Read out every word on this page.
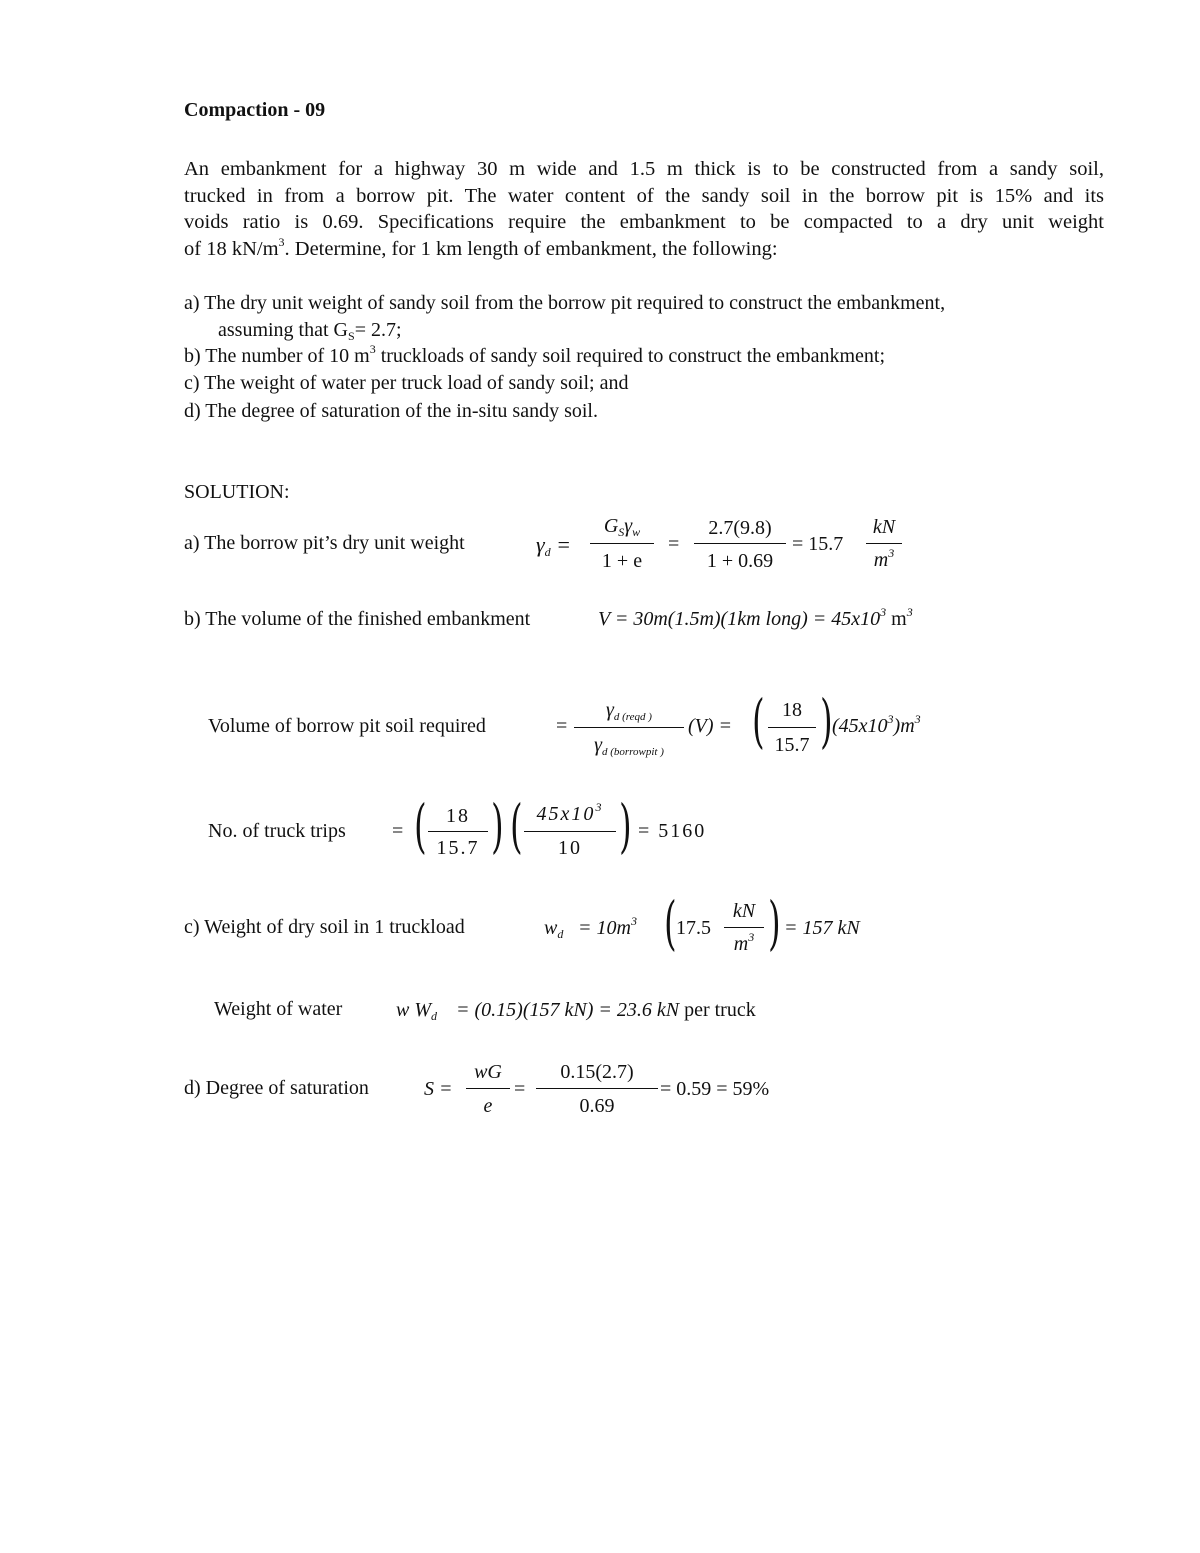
Compaction - 09
An embankment for a highway 30 m wide and 1.5 m thick is to be constructed from a sandy soil,
trucked in from a borrow pit. The water content of the sandy soil in the borrow pit is 15% and its
voids ratio is 0.69. Specifications require the embankment to be compacted to a dry unit weight
of 18 $kN/m^3$. Determine, for 1 km length of embankment, the following:
a) The dry unit weight of sandy soil from the borrow pit required to construct the embankment,
assuming that $G_S= 2.7$;
b) The number of 10 $m^3$ truckloads of sandy soil required to construct the embankment;
c) The weight of water per truck load of sandy soil; and
d) The degree of saturation of the in-situ sandy soil.
SOLUTION:
a) The borrow pit’s dry unit weight	$\gamma_d$ =
$G_S\gamma_w$
1 + e
=
2.7(9.8)
1 + 0.69
= 15.7
kN
$m^3$
b) The volume of the finished embankment	V = 30m(1.5m)(1km long) = $45x10^3$ $m^3$
Volume of borrow pit soil required	=
$\gamma_{d (reqd )}$
$\gamma_{d (borrowpit )}$
(V) = ( 18
15.7 ) $(45x10^3)m^3$
No. of truck trips = ( 18
15.7 ) ( $45x10^3$
10 ) = 5160
c) Weight of dry soil in 1 truckload	$w_d = 10m^3$ ( 17.5
kN
$m^3$ ) = 157 kN
Weight of water	w $W_d = (0.15)(157$ kN) = 23.6 kN per truck
d) Degree of saturation	S =
wG
e
=
0.15(2.7)
0.69
= 0.59 = 59%
